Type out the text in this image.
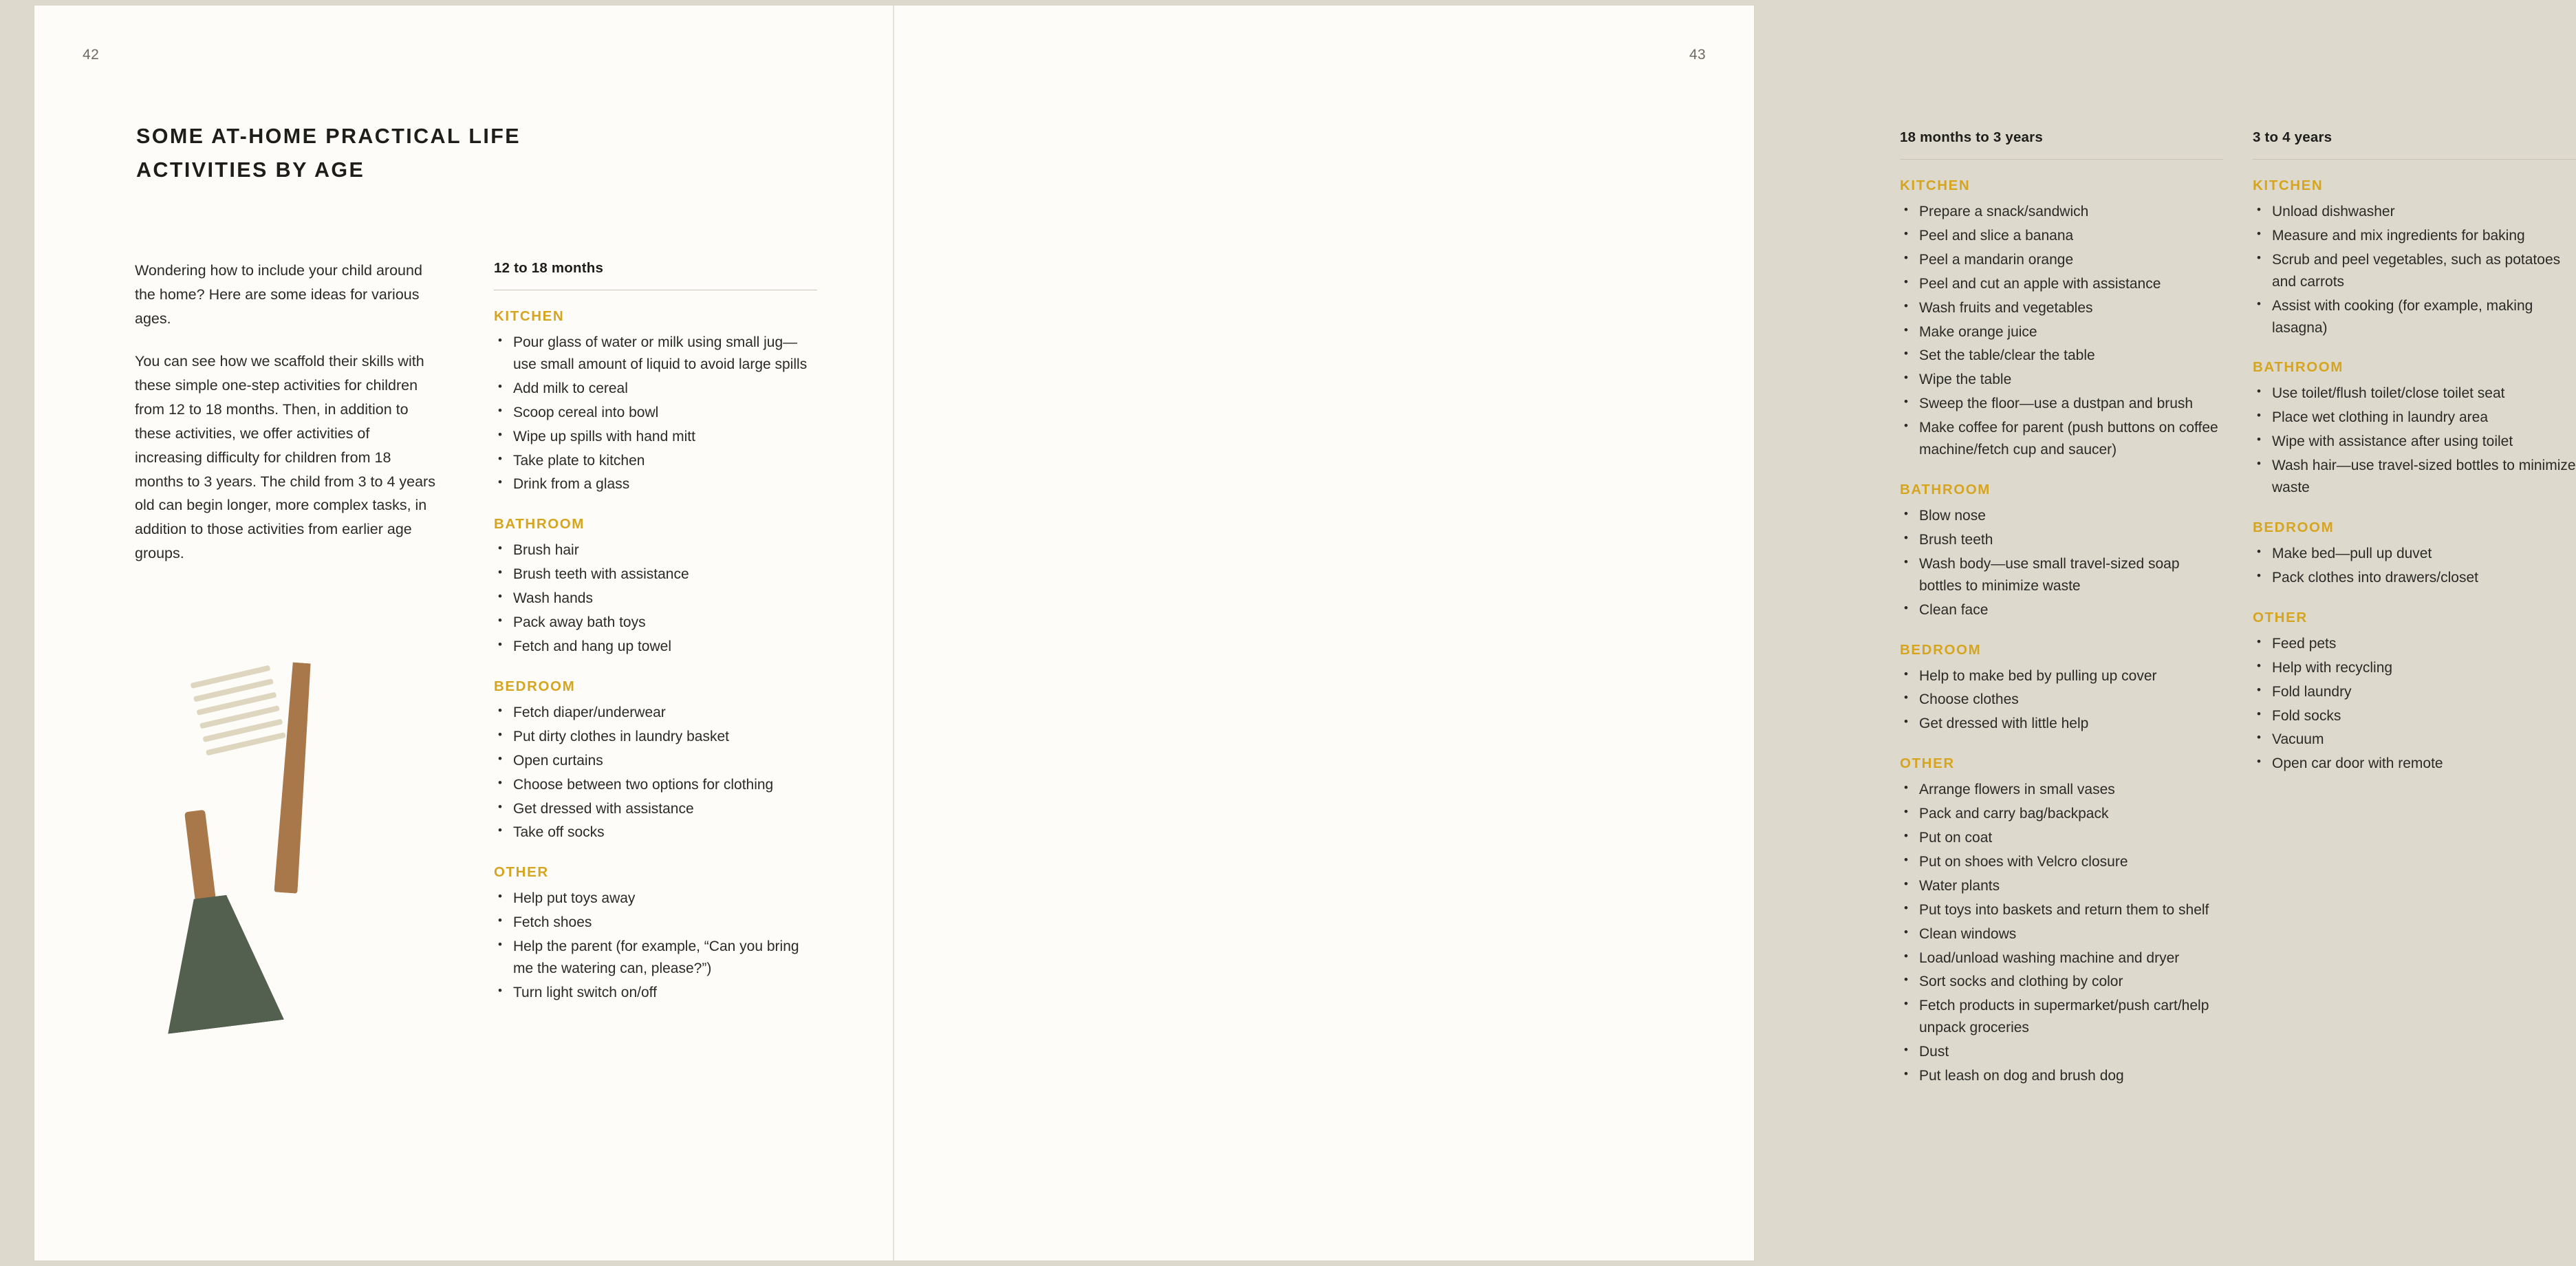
42
SOME AT-HOME PRACTICAL LIFE ACTIVITIES BY AGE

Wondering how to include your child around the home? Here are some ideas for various ages.

You can see how we scaffold their skills with these simple one-step activities for children from 12 to 18 months. Then, in addition to these activities, we offer activities of increasing difficulty for children from 18 months to 3 years. The child from 3 to 4 years old can begin longer, more complex tasks, in addition to those activities from earlier age groups.

12 to 18 months
KITCHEN
• Pour glass of water or milk using small jug—use small amount of liquid to avoid large spills
• Add milk to cereal
• Scoop cereal into bowl
• Wipe up spills with hand mitt
• Take plate to kitchen
• Drink from a glass
BATHROOM
• Brush hair
• Brush teeth with assistance
• Wash hands
• Pack away bath toys
• Fetch and hang up towel
BEDROOM
• Fetch diaper/underwear
• Put dirty clothes in laundry basket
• Open curtains
• Choose between two options for clothing
• Get dressed with assistance
• Take off socks
OTHER
• Help put toys away
• Fetch shoes
• Help the parent (for example, “Can you bring me the watering can, please?”)
• Turn light switch on/off
43
18 months to 3 years
KITCHEN
• Prepare a snack/sandwich
• Peel and slice a banana
• Peel a mandarin orange
• Peel and cut an apple with assistance
• Wash fruits and vegetables
• Make orange juice
• Set the table/clear the table
• Wipe the table
• Sweep the floor—use a dustpan and brush
• Make coffee for parent (push buttons on coffee machine/fetch cup and saucer)
BATHROOM
• Blow nose
• Brush teeth
• Wash body—use small travel-sized soap bottles to minimize waste
• Clean face
BEDROOM
• Help to make bed by pulling up cover
• Choose clothes
• Get dressed with little help
OTHER
• Arrange flowers in small vases
• Pack and carry bag/backpack
• Put on coat
• Put on shoes with Velcro closure
• Water plants
• Put toys into baskets and return them to shelf
• Clean windows
• Load/unload washing machine and dryer
• Sort socks and clothing by color
• Fetch products in supermarket/push cart/help unpack groceries
• Dust
• Put leash on dog and brush dog
3 to 4 years
KITCHEN
• Unload dishwasher
• Measure and mix ingredients for baking
• Scrub and peel vegetables, such as potatoes and carrots
• Assist with cooking (for example, making lasagna)
BATHROOM
• Use toilet/flush toilet/close toilet seat
• Place wet clothing in laundry area
• Wipe with assistance after using toilet
• Wash hair—use travel-sized bottles to minimize waste
BEDROOM
• Make bed—pull up duvet
• Pack clothes into drawers/closet
OTHER
• Feed pets
• Help with recycling
• Fold laundry
• Fold socks
• Vacuum
• Open car door with remote
